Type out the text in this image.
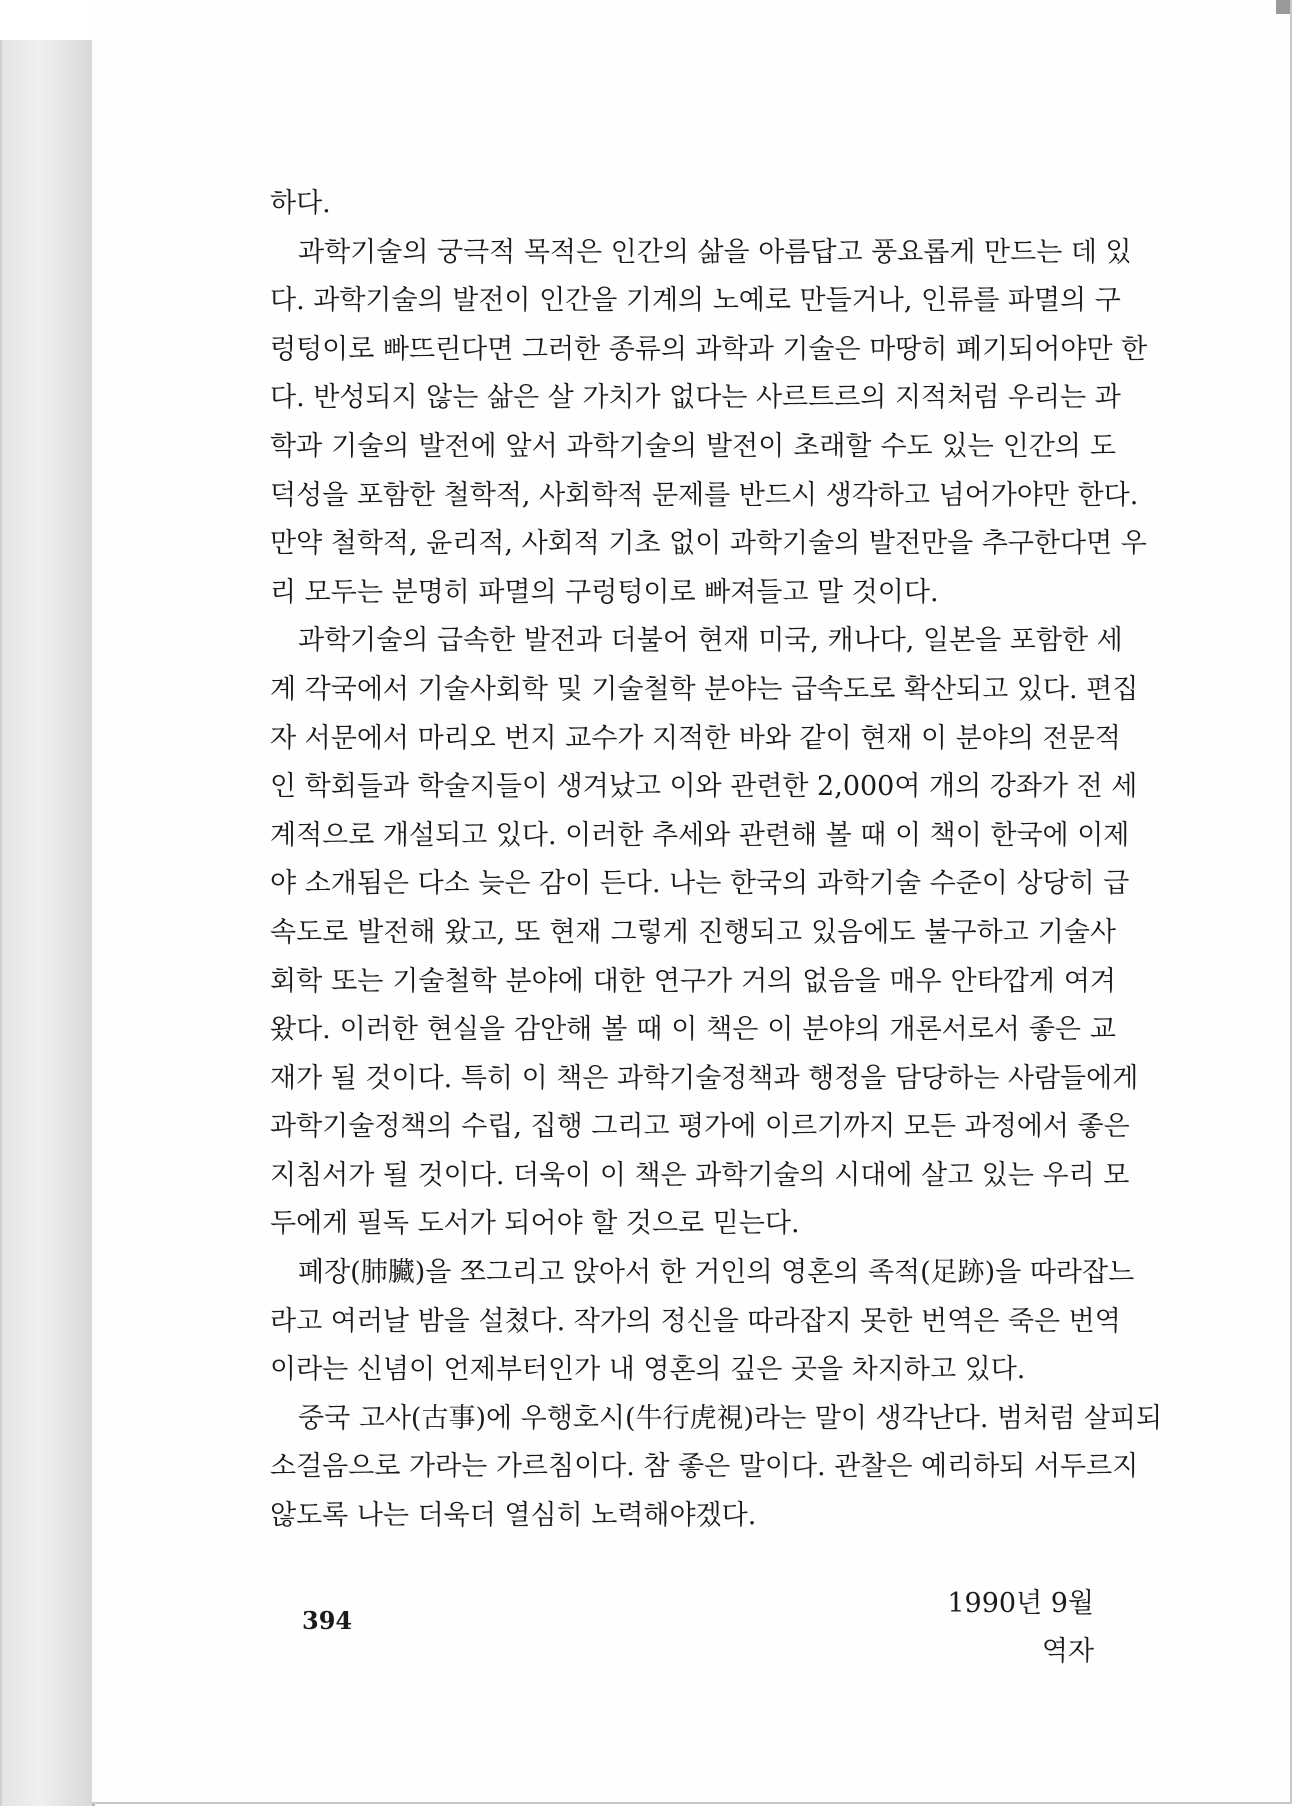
하다.

과학기술의 궁극적 목적은 인간의 삶을 아름답고 풍요롭게 만드는 데 있
다. 과학기술의 발전이 인간을 기계의 노예로 만들거나, 인류를 파멸의 구
렁텅이로 빠뜨린다면 그러한 종류의 과학과 기술은 마땅히 폐기되어야만 한
다. 반성되지 않는 삶은 살 가치가 없다는 사르트르의 지적처럼 우리는 과
학과 기술의 발전에 앞서 과학기술의 발전이 초래할 수도 있는 인간의 도
덕성을 포함한 철학적, 사회학적 문제를 반드시 생각하고 넘어가야만 한다.
만약 철학적, 윤리적, 사회적 기초 없이 과학기술의 발전만을 추구한다면 우
리 모두는 분명히 파멸의 구렁텅이로 빠져들고 말 것이다.

과학기술의 급속한 발전과 더불어 현재 미국, 캐나다, 일본을 포함한 세
계 각국에서 기술사회학 및 기술철학 분야는 급속도로 확산되고 있다. 편집
자 서문에서 마리오 번지 교수가 지적한 바와 같이 현재 이 분야의 전문적
인 학회들과 학술지들이 생겨났고 이와 관련한 2,000여 개의 강좌가 전 세
계적으로 개설되고 있다. 이러한 추세와 관련해 볼 때 이 책이 한국에 이제
야 소개됨은 다소 늦은 감이 든다. 나는 한국의 과학기술 수준이 상당히 급
속도로 발전해 왔고, 또 현재 그렇게 진행되고 있음에도 불구하고 기술사
회학 또는 기술철학 분야에 대한 연구가 거의 없음을 매우 안타깝게 여겨
왔다. 이러한 현실을 감안해 볼 때 이 책은 이 분야의 개론서로서 좋은 교
재가 될 것이다. 특히 이 책은 과학기술정책과 행정을 담당하는 사람들에게
과학기술정책의 수립, 집행 그리고 평가에 이르기까지 모든 과정에서 좋은
지침서가 될 것이다. 더욱이 이 책은 과학기술의 시대에 살고 있는 우리 모
두에게 필독 도서가 되어야 할 것으로 믿는다.

폐장(肺臟)을 쪼그리고 앉아서 한 거인의 영혼의 족적(足跡)을 따라잡느
라고 여러날 밤을 설쳤다. 작가의 정신을 따라잡지 못한 번역은 죽은 번역
이라는 신념이 언제부터인가 내 영혼의 깊은 곳을 차지하고 있다.

중국 고사(古事)에 우행호시(牛行虎視)라는 말이 생각난다. 범처럼 살피되
소걸음으로 가라는 가르침이다. 참 좋은 말이다. 관찰은 예리하되 서두르지
않도록 나는 더욱더 열심히 노력해야겠다.

1990년 9월
역자
394
